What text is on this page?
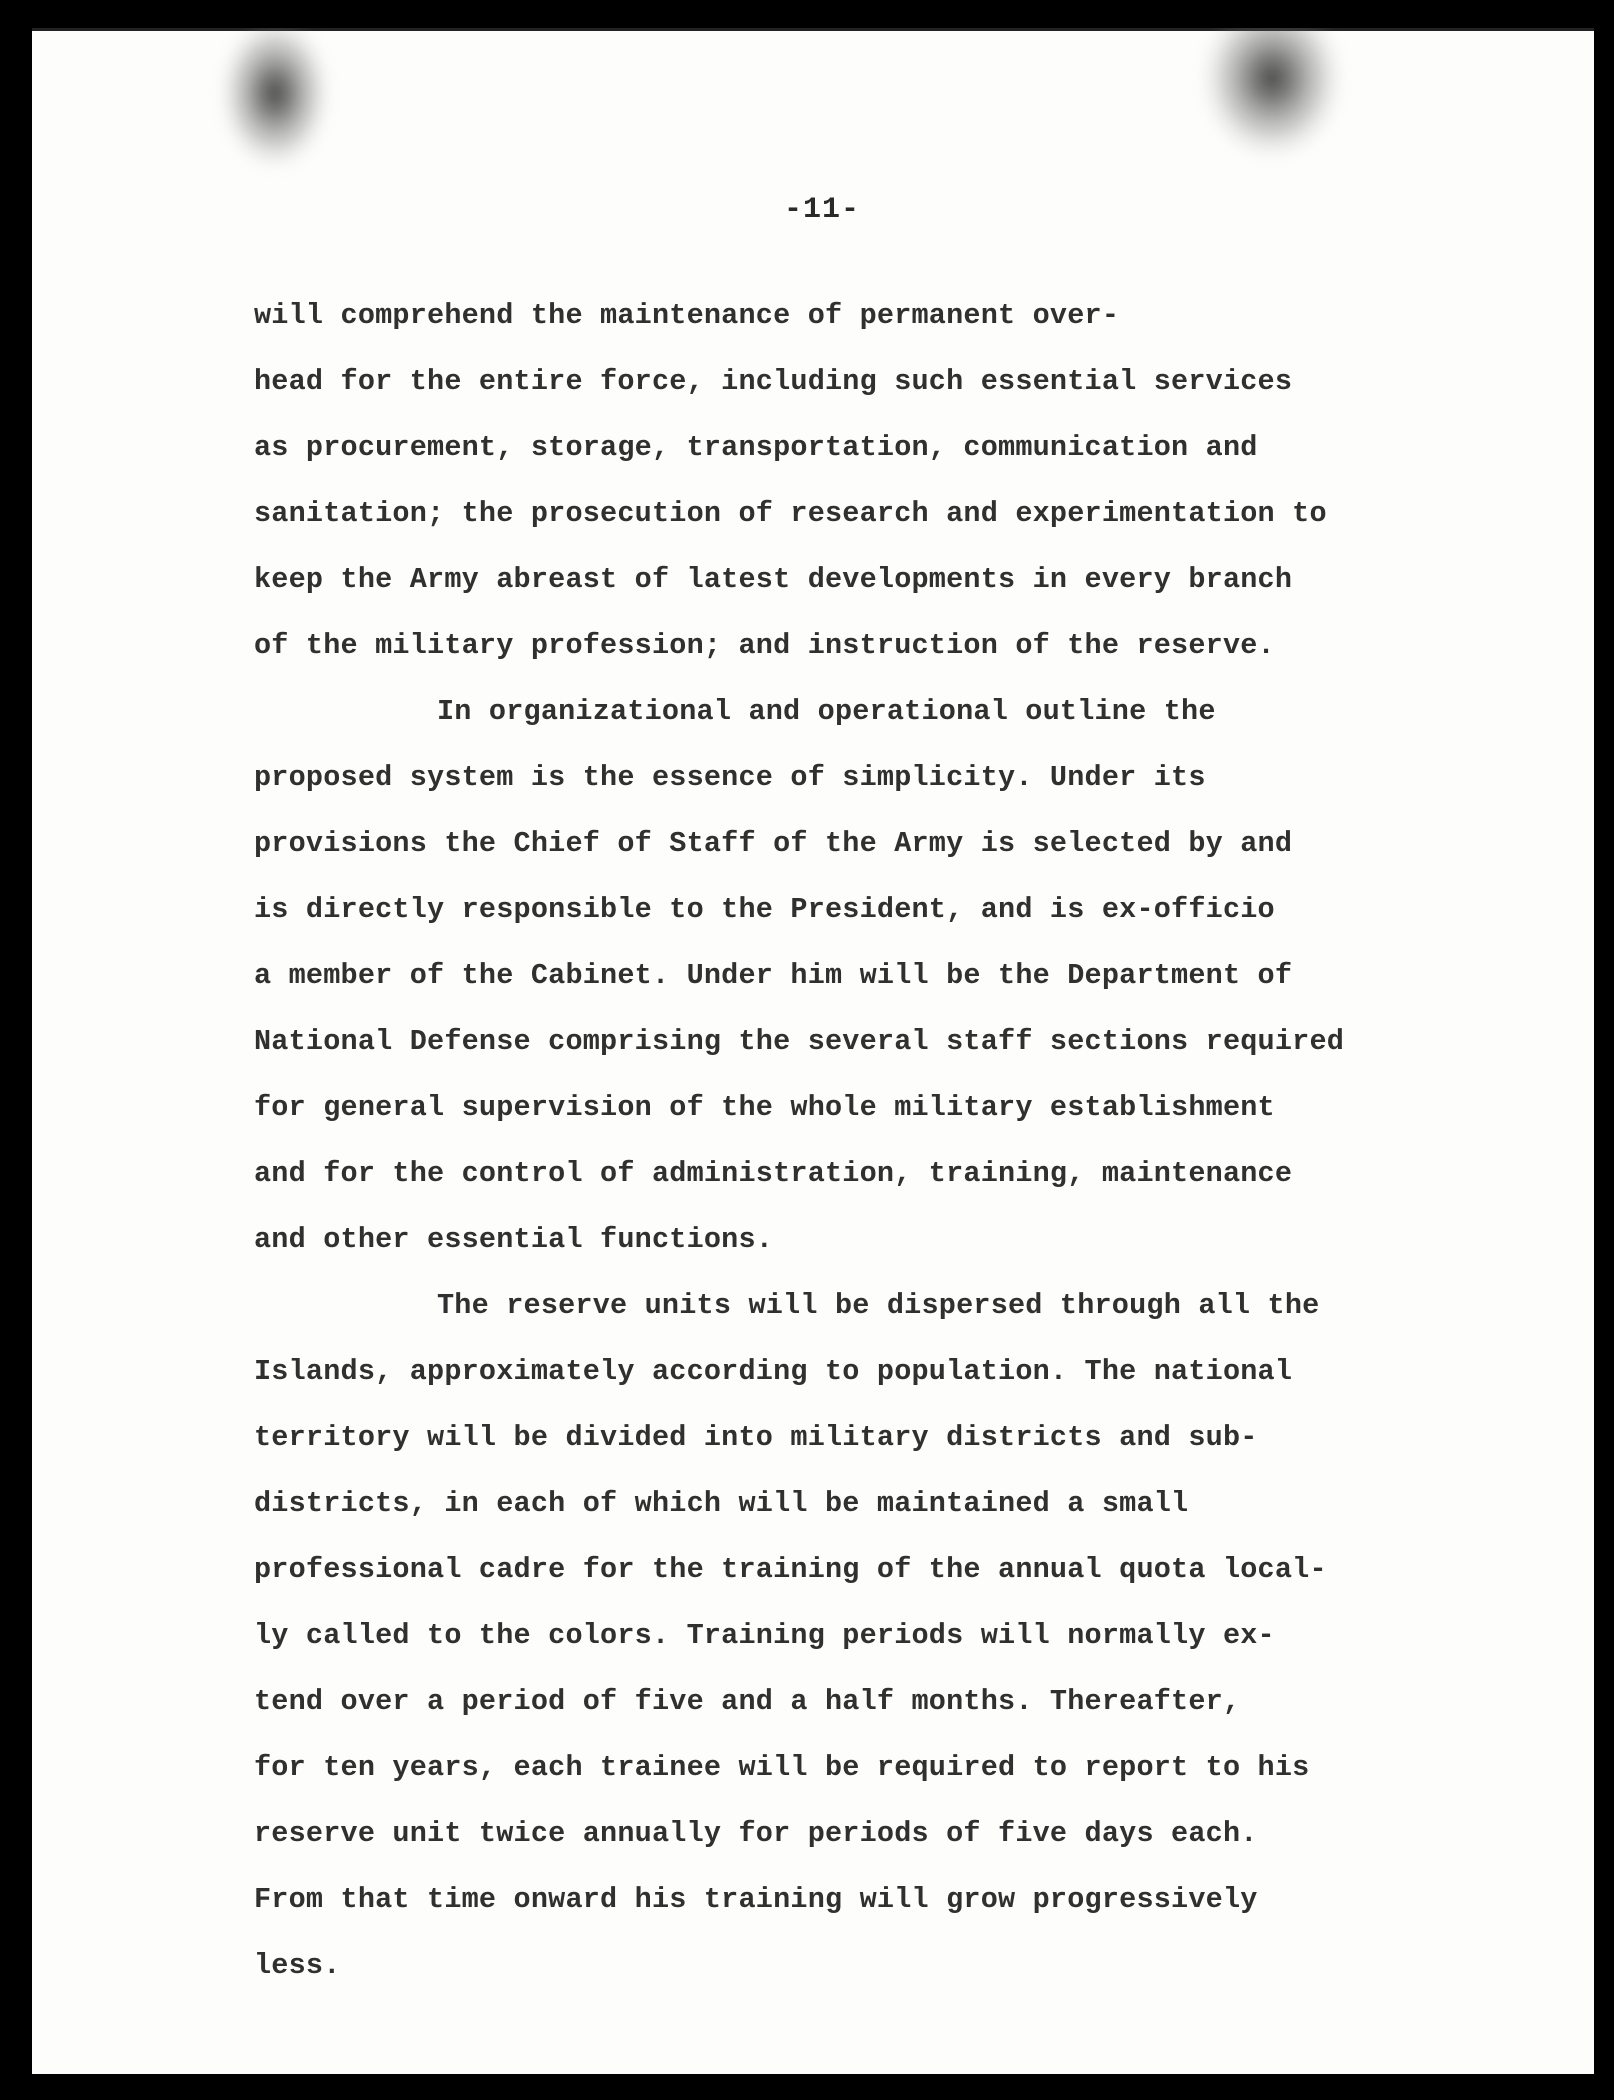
-11-
will comprehend the maintenance of permanent over-
head for the entire force, including such essential services
as procurement, storage, transportation, communication and
sanitation; the prosecution of research and experimentation to
keep the Army abreast of latest developments in every branch
of the military profession; and instruction of the reserve.
In organizational and operational outline the
proposed system is the essence of simplicity. Under its
provisions the Chief of Staff of the Army is selected by and
is directly responsible to the President, and is ex-officio
a member of the Cabinet. Under him will be the Department of
National Defense comprising the several staff sections required
for general supervision of the whole military establishment
and for the control of administration, training, maintenance
and other essential functions.
The reserve units will be dispersed through all the
Islands, approximately according to population. The national
territory will be divided into military districts and sub-
districts, in each of which will be maintained a small
professional cadre for the training of the annual quota local-
ly called to the colors. Training periods will normally ex-
tend over a period of five and a half months. Thereafter,
for ten years, each trainee will be required to report to his
reserve unit twice annually for periods of five days each.
From that time onward his training will grow progressively
less.
